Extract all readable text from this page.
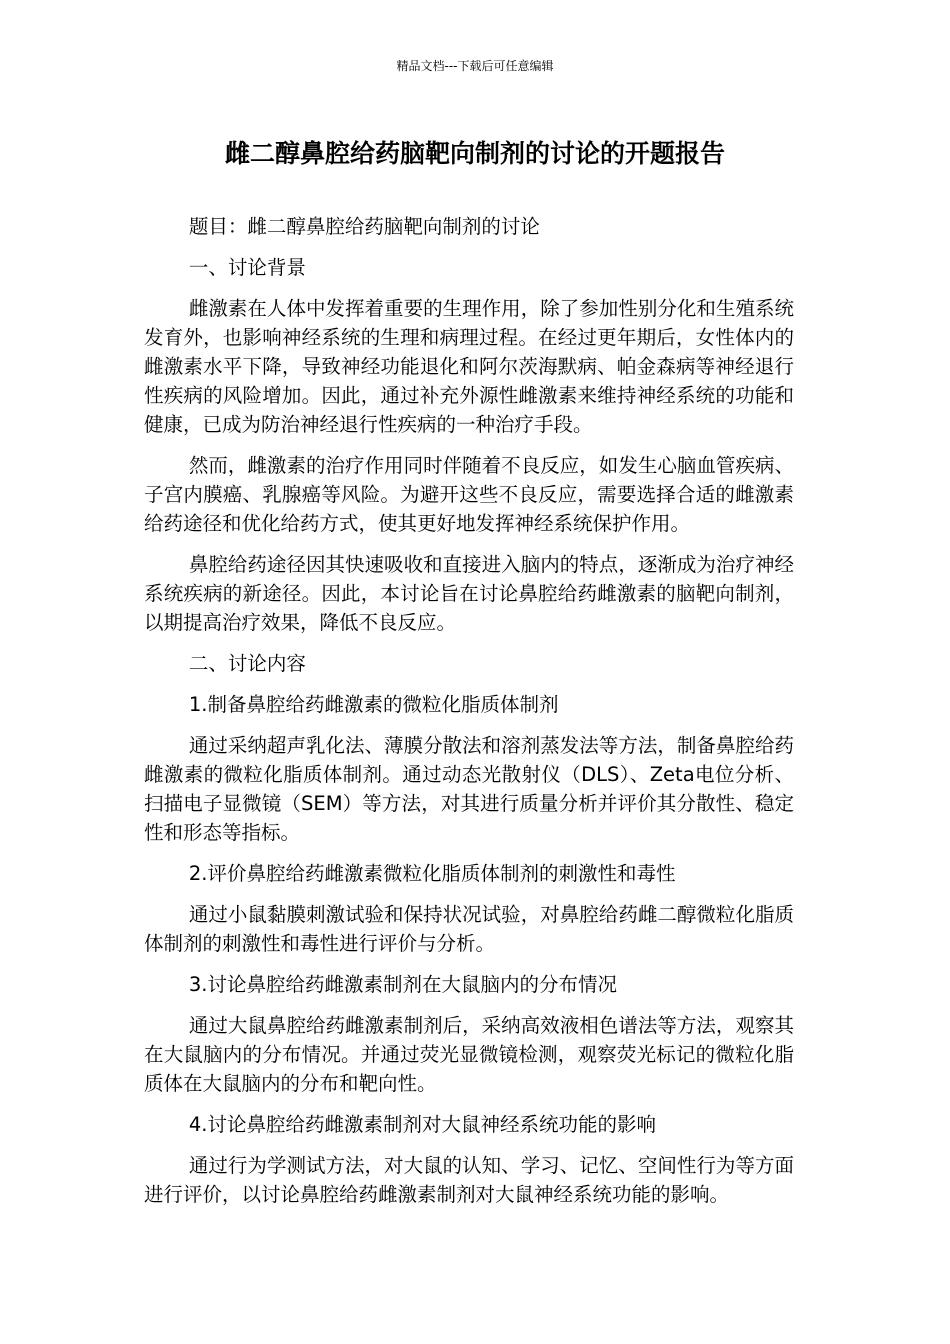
精品文档---下载后可任意编辑
雌二醇鼻腔给药脑靶向制剂的讨论的开题报告

题目：雌二醇鼻腔给药脑靶向制剂的讨论

一、讨论背景

雌激素在人体中发挥着重要的生理作用，除了参加性别分化和生殖系统发育外，也影响神经系统的生理和病理过程。在经过更年期后，女性体内的雌激素水平下降，导致神经功能退化和阿尔茨海默病、帕金森病等神经退行性疾病的风险增加。因此，通过补充外源性雌激素来维持神经系统的功能和健康，已成为防治神经退行性疾病的一种治疗手段。

然而，雌激素的治疗作用同时伴随着不良反应，如发生心脑血管疾病、子宫内膜癌、乳腺癌等风险。为避开这些不良反应，需要选择合适的雌激素给药途径和优化给药方式，使其更好地发挥神经系统保护作用。

鼻腔给药途径因其快速吸收和直接进入脑内的特点，逐渐成为治疗神经系统疾病的新途径。因此，本讨论旨在讨论鼻腔给药雌激素的脑靶向制剂，以期提高治疗效果，降低不良反应。

二、讨论内容

1.制备鼻腔给药雌激素的微粒化脂质体制剂

通过采纳超声乳化法、薄膜分散法和溶剂蒸发法等方法，制备鼻腔给药雌激素的微粒化脂质体制剂。通过动态光散射仪（DLS）、Zeta电位分析、扫描电子显微镜（SEM）等方法，对其进行质量分析并评价其分散性、稳定性和形态等指标。

2.评价鼻腔给药雌激素微粒化脂质体制剂的刺激性和毒性

通过小鼠黏膜刺激试验和保持状况试验，对鼻腔给药雌二醇微粒化脂质体制剂的刺激性和毒性进行评价与分析。

3.讨论鼻腔给药雌激素制剂在大鼠脑内的分布情况

通过大鼠鼻腔给药雌激素制剂后，采纳高效液相色谱法等方法，观察其在大鼠脑内的分布情况。并通过荧光显微镜检测，观察荧光标记的微粒化脂质体在大鼠脑内的分布和靶向性。

4.讨论鼻腔给药雌激素制剂对大鼠神经系统功能的影响

通过行为学测试方法，对大鼠的认知、学习、记忆、空间性行为等方面进行评价，以讨论鼻腔给药雌激素制剂对大鼠神经系统功能的影响。
